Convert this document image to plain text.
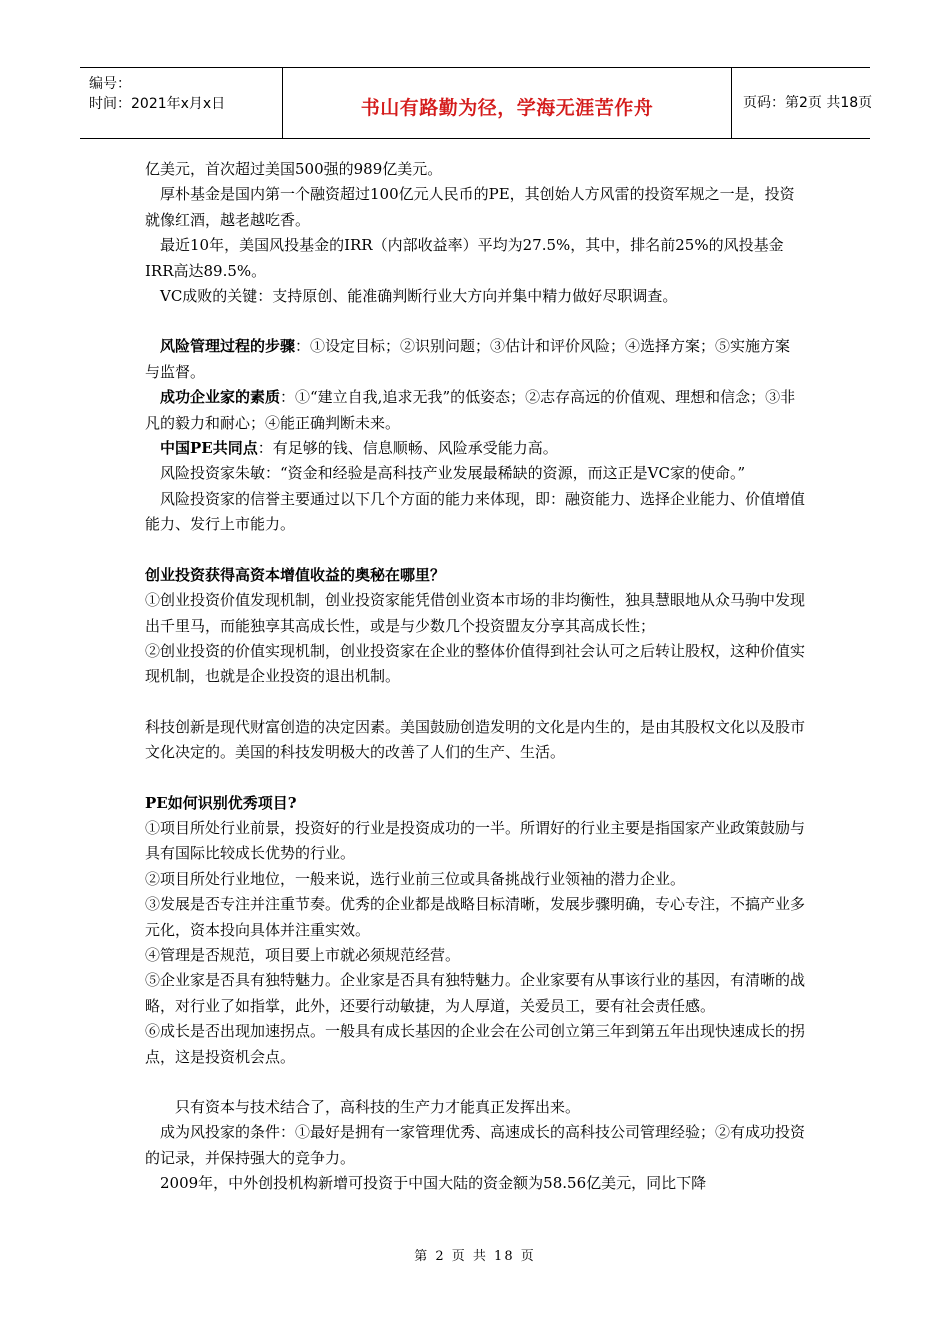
编号：
时间：2021年x月x日	书山有路勤为径，学海无涯苦作舟	页码：第2页 共18页

亿美元，首次超过美国500强的989亿美元。

厚朴基金是国内第一个融资超过100亿元人民币的PE，其创始人方风雷的投资军规之一是，投资就像红酒，越老越吃香。

最近10年，美国风投基金的IRR（内部收益率）平均为27.5%，其中，排名前25%的风投基金IRR高达89.5%。

VC成败的关键：支持原创、能准确判断行业大方向并集中精力做好尽职调查。

风险管理过程的步骤：①设定目标；②识别问题；③估计和评价风险；④选择方案；⑤实施方案与监督。

成功企业家的素质：①“建立自我,追求无我”的低姿态；②志存高远的价值观、理想和信念；③非凡的毅力和耐心；④能正确判断未来。

中国PE共同点：有足够的钱、信息顺畅、风险承受能力高。

风险投资家朱敏：“资金和经验是高科技产业发展最稀缺的资源，而这正是VC家的使命。”

风险投资家的信誉主要通过以下几个方面的能力来体现，即：融资能力、选择企业能力、价值增值能力、发行上市能力。

创业投资获得高资本增值收益的奥秘在哪里？

①创业投资价值发现机制，创业投资家能凭借创业资本市场的非均衡性，独具慧眼地从众马驹中发现出千里马，而能独享其高成长性，或是与少数几个投资盟友分享其高成长性；

②创业投资的价值实现机制，创业投资家在企业的整体价值得到社会认可之后转让股权，这种价值实现机制，也就是企业投资的退出机制。

科技创新是现代财富创造的决定因素。美国鼓励创造发明的文化是内生的，是由其股权文化以及股市文化决定的。美国的科技发明极大的改善了人们的生产、生活。

PE如何识别优秀项目?

①项目所处行业前景，投资好的行业是投资成功的一半。所谓好的行业主要是指国家产业政策鼓励与具有国际比较成长优势的行业。

②项目所处行业地位，一般来说，选行业前三位或具备挑战行业领袖的潜力企业。

③发展是否专注并注重节奏。优秀的企业都是战略目标清晰，发展步骤明确，专心专注，不搞产业多元化，资本投向具体并注重实效。

④管理是否规范，项目要上市就必须规范经营。

⑤企业家是否具有独特魅力。企业家是否具有独特魅力。企业家要有从事该行业的基因，有清晰的战略，对行业了如指掌，此外，还要行动敏捷，为人厚道，关爱员工，要有社会责任感。

⑥成长是否出现加速拐点。一般具有成长基因的企业会在公司创立第三年到第五年出现快速成长的拐点，这是投资机会点。

只有资本与技术结合了，高科技的生产力才能真正发挥出来。

成为风投家的条件：①最好是拥有一家管理优秀、高速成长的高科技公司管理经验；②有成功投资的记录，并保持强大的竞争力。

2009年，中外创投机构新增可投资于中国大陆的资金额为58.56亿美元，同比下降

第 2 页 共 18 页
